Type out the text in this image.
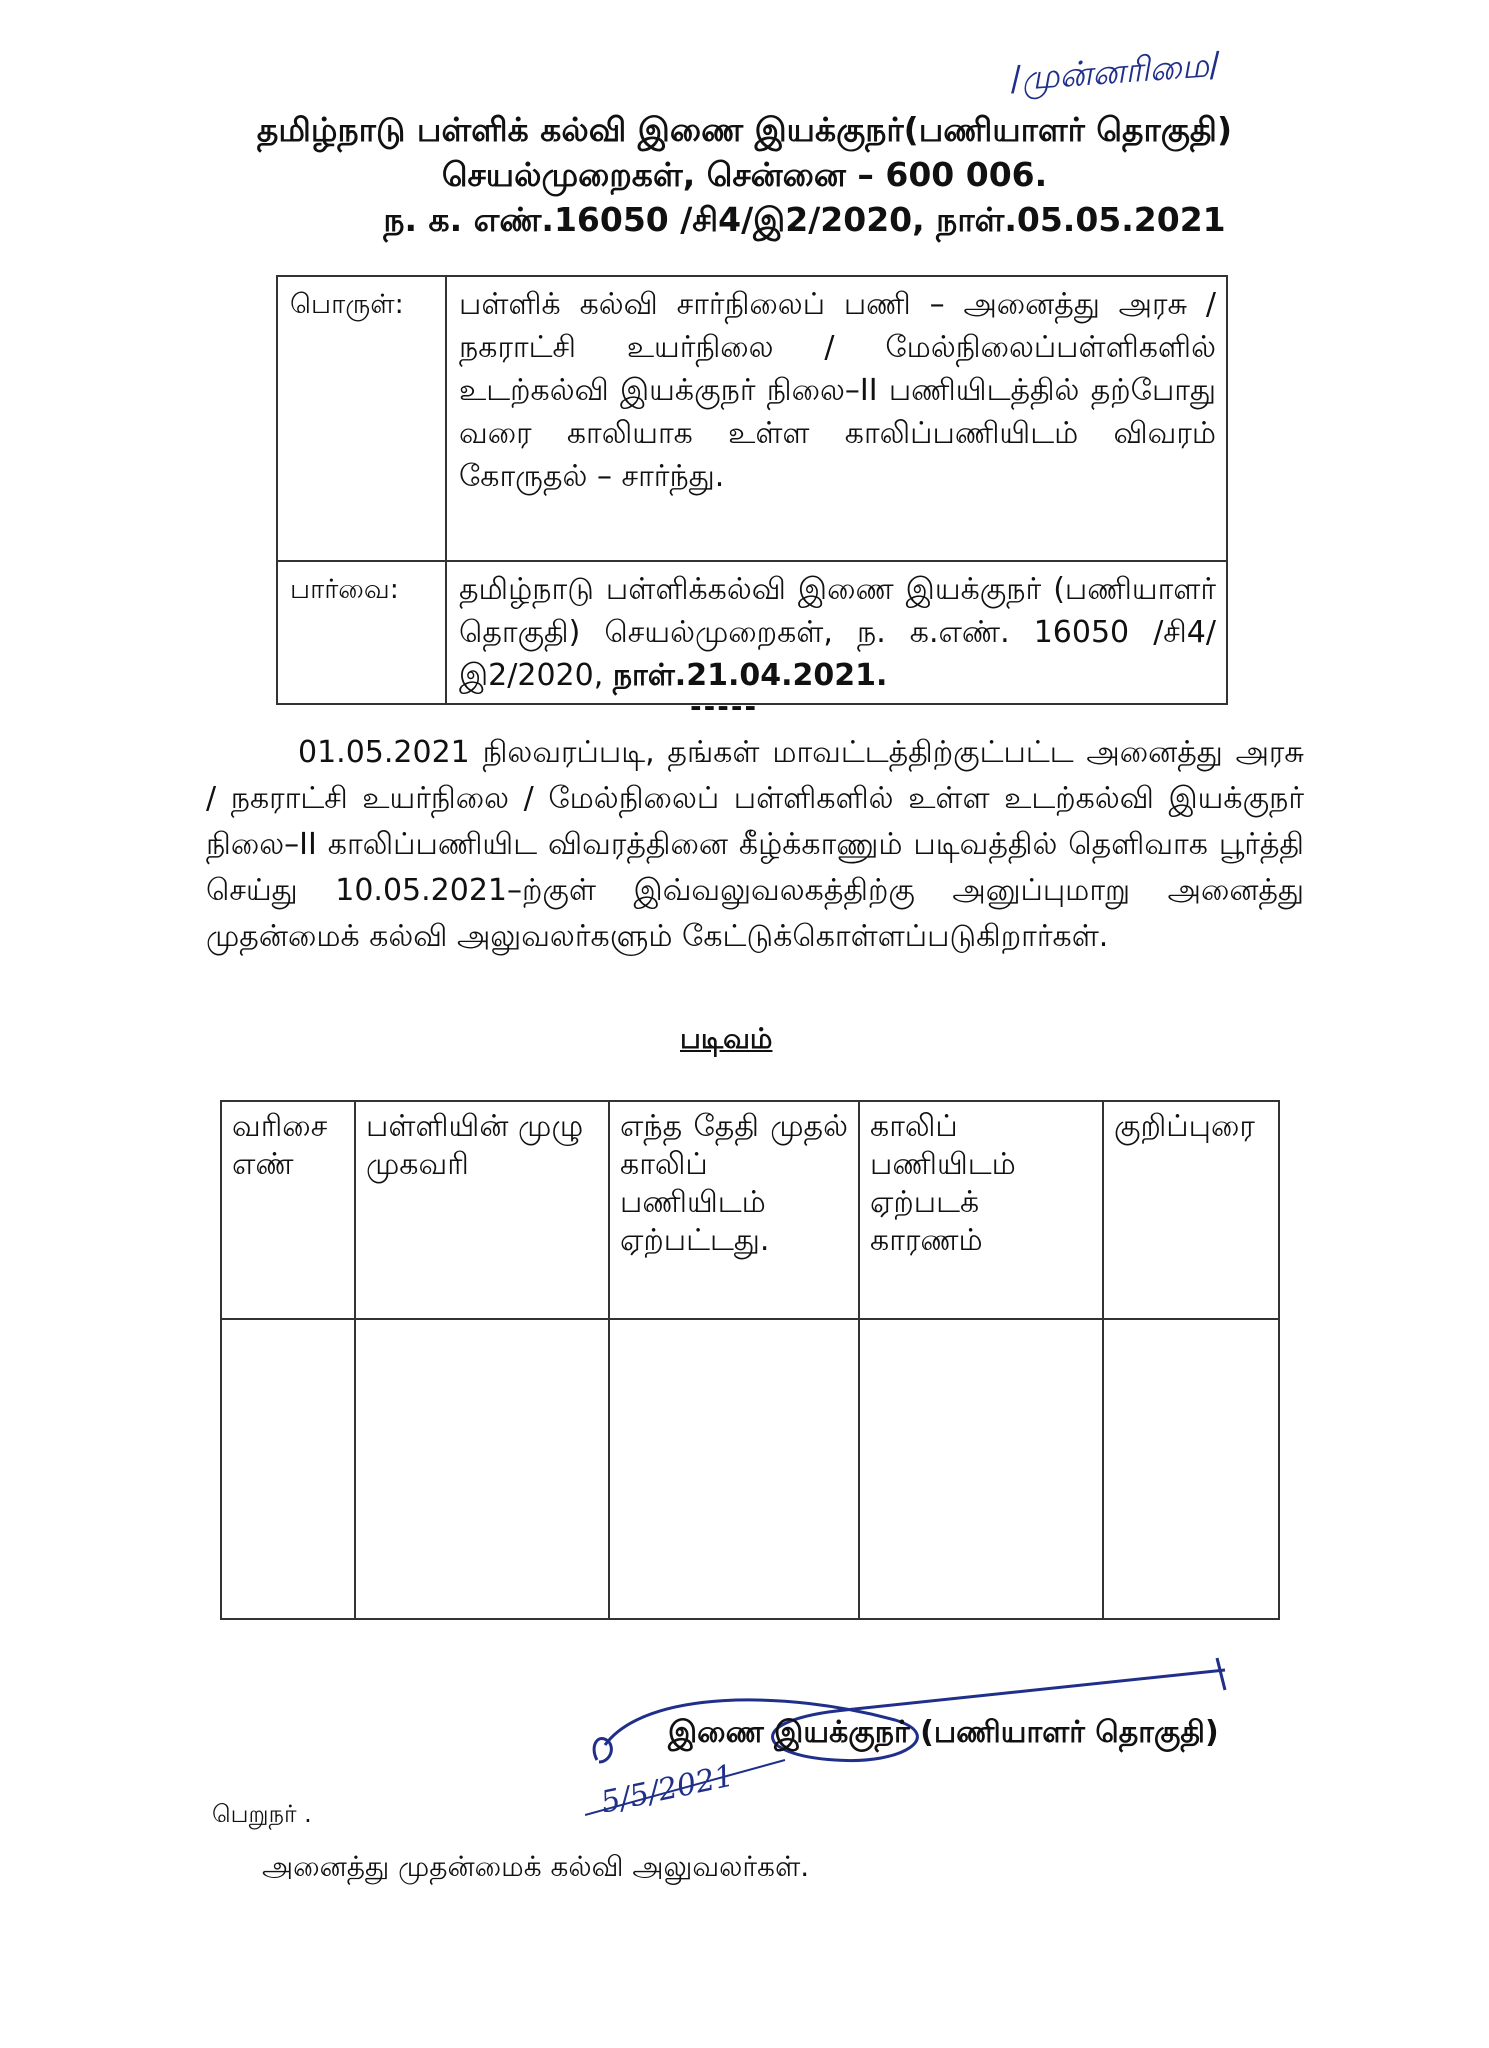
/முன்னரிமை/
தமிழ்நாடு பள்ளிக் கல்வி இணை இயக்குநர்(பணியாளர் தொகுதி)
செயல்முறைகள், சென்னை – 600 006.
ந. க. எண்.16050 /சி4/இ2/2020, நாள்.05.05.2021
பொருள்:	பள்ளிக் கல்வி சார்நிலைப் பணி – அனைத்து அரசு / நகராட்சி உயர்நிலை / மேல்நிலைப்பள்ளிகளில் உடற்கல்வி இயக்குநர் நிலை–II பணியிடத்தில் தற்போது வரை காலியாக உள்ள காலிப்பணியிடம் விவரம் கோருதல் – சார்ந்து.
பார்வை:	தமிழ்நாடு பள்ளிக்கல்வி இணை இயக்குநர் (பணியாளர் தொகுதி) செயல்முறைகள், ந. க.எண். 16050 /சி4/இ2/2020, நாள்.21.04.2021.
-----
01.05.2021 நிலவரப்படி, தங்கள் மாவட்டத்திற்குட்பட்ட அனைத்து அரசு / நகராட்சி உயர்நிலை / மேல்நிலைப் பள்ளிகளில் உள்ள உடற்கல்வி இயக்குநர் நிலை–II காலிப்பணியிட விவரத்தினை கீழ்க்காணும் படிவத்தில் தெளிவாக பூர்த்தி செய்து 10.05.2021–ற்குள் இவ்வலுவலகத்திற்கு அனுப்புமாறு அனைத்து முதன்மைக் கல்வி அலுவலர்களும் கேட்டுக்கொள்ளப்படுகிறார்கள்.
படிவம்
வரிசை எண்	பள்ளியின் முழு முகவரி	எந்த தேதி முதல் காலிப் பணியிடம் ஏற்பட்டது.	காலிப் பணியிடம் ஏற்படக் காரணம்	குறிப்புரை

5/5/2021
இணை இயக்குநர் (பணியாளர் தொகுதி)
பெறுநர் .
அனைத்து முதன்மைக் கல்வி அலுவலர்கள்.
